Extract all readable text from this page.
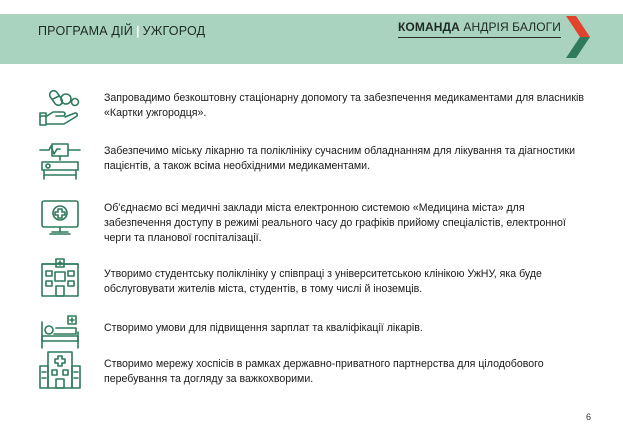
ПРОГРАМА ДІЙ | УЖГОРОД	КОМАНДА АНДРІЯ БАЛОГИ
Запровадимо безкоштовну стаціонарну допомогу та забезпечення медикаментами для власників «Картки ужгородця».
Забезпечимо міську лікарню та поліклініку сучасним обладнанням для лікування та діагностики пацієнтів, а також всіма необхідними медикаментами.
Об'єднаємо всі медичні заклади міста електронною системою «Медицина міста» для забезпечення доступу в режимі реального часу до графіків прийому спеціалістів, електронної черги та планової госпіталізації.
Утворимо студентську поліклініку у співпраці з університетською клінікою УжНУ, яка буде обслуговувати жителів міста, студентів, в тому числі й іноземців.
Створимо умови для підвищення зарплат та кваліфікації лікарів.
Створимо мережу хоспісів в рамках державно-приватного партнерства для цілодобового перебування та догляду за важкохворими.
6
